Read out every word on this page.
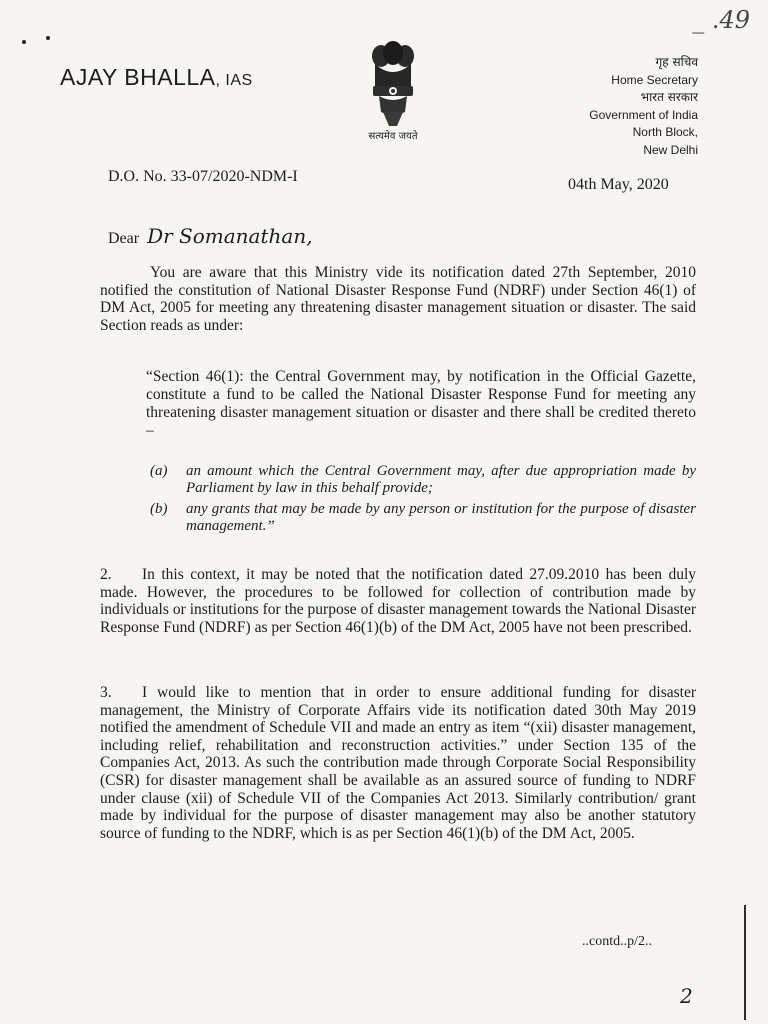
_ .49
AJAY BHALLA, IAS
सत्यमेव जयते
गृह सचिव
Home Secretary
भारत सरकार
Government of India
North Block,
New Delhi
D.O. No. 33-07/2020-NDM-I	04th May, 2020
Dear Dr Somanathan,
You are aware that this Ministry vide its notification dated 27th September, 2010 notified the constitution of National Disaster Response Fund (NDRF) under Section 46(1) of DM Act, 2005 for meeting any threatening disaster management situation or disaster. The said Section reads as under:
“Section 46(1): the Central Government may, by notification in the Official Gazette, constitute a fund to be called the National Disaster Response Fund for meeting any threatening disaster management situation or disaster and there shall be credited thereto –
(a)	an amount which the Central Government may, after due appropriation made by Parliament by law in this behalf provide;
(b)	any grants that may be made by any person or institution for the purpose of disaster management.”
2. In this context, it may be noted that the notification dated 27.09.2010 has been duly made. However, the procedures to be followed for collection of contribution made by individuals or institutions for the purpose of disaster management towards the National Disaster Response Fund (NDRF) as per Section 46(1)(b) of the DM Act, 2005 have not been prescribed.
3. I would like to mention that in order to ensure additional funding for disaster management, the Ministry of Corporate Affairs vide its notification dated 30th May 2019 notified the amendment of Schedule VII and made an entry as item “(xii) disaster management, including relief, rehabilitation and reconstruction activities.” under Section 135 of the Companies Act, 2013. As such the contribution made through Corporate Social Responsibility (CSR) for disaster management shall be available as an assured source of funding to NDRF under clause (xii) of Schedule VII of the Companies Act 2013. Similarly contribution/ grant made by individual for the purpose of disaster management may also be another statutory source of funding to the NDRF, which is as per Section 46(1)(b) of the DM Act, 2005.
..contd..p/2..
2
